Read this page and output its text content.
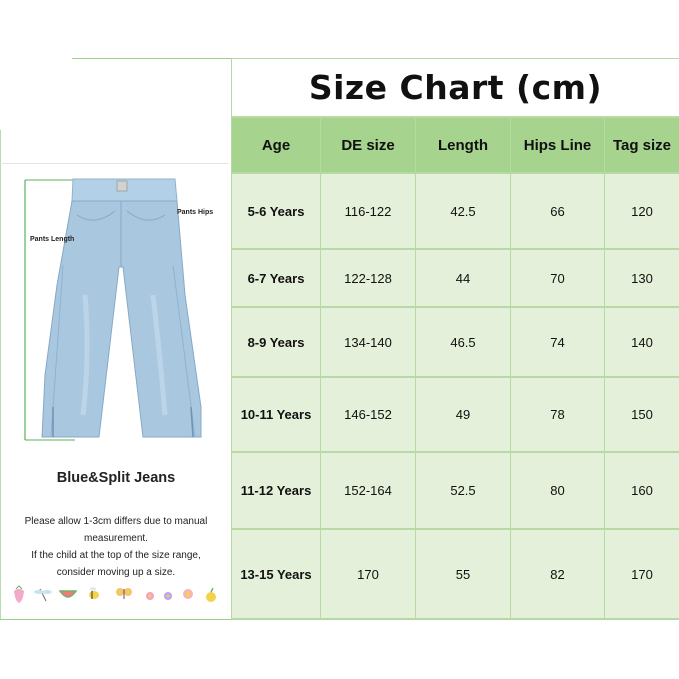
Size Chart (cm)
Age	DE size	Length	Hips Line	Tag size
5-6 Years	116-122	42.5	66	120
6-7 Years	122-128	44	70	130
8-9 Years	134-140	46.5	74	140
10-11 Years	146-152	49	78	150
11-12 Years	152-164	52.5	80	160
13-15 Years	170	55	82	170
Pants Hips
Pants Length
Blue&Split Jeans
Please allow 1-3cm differs due to manual
measurement.
If the child at the top of the size range,
consider moving up a size.
